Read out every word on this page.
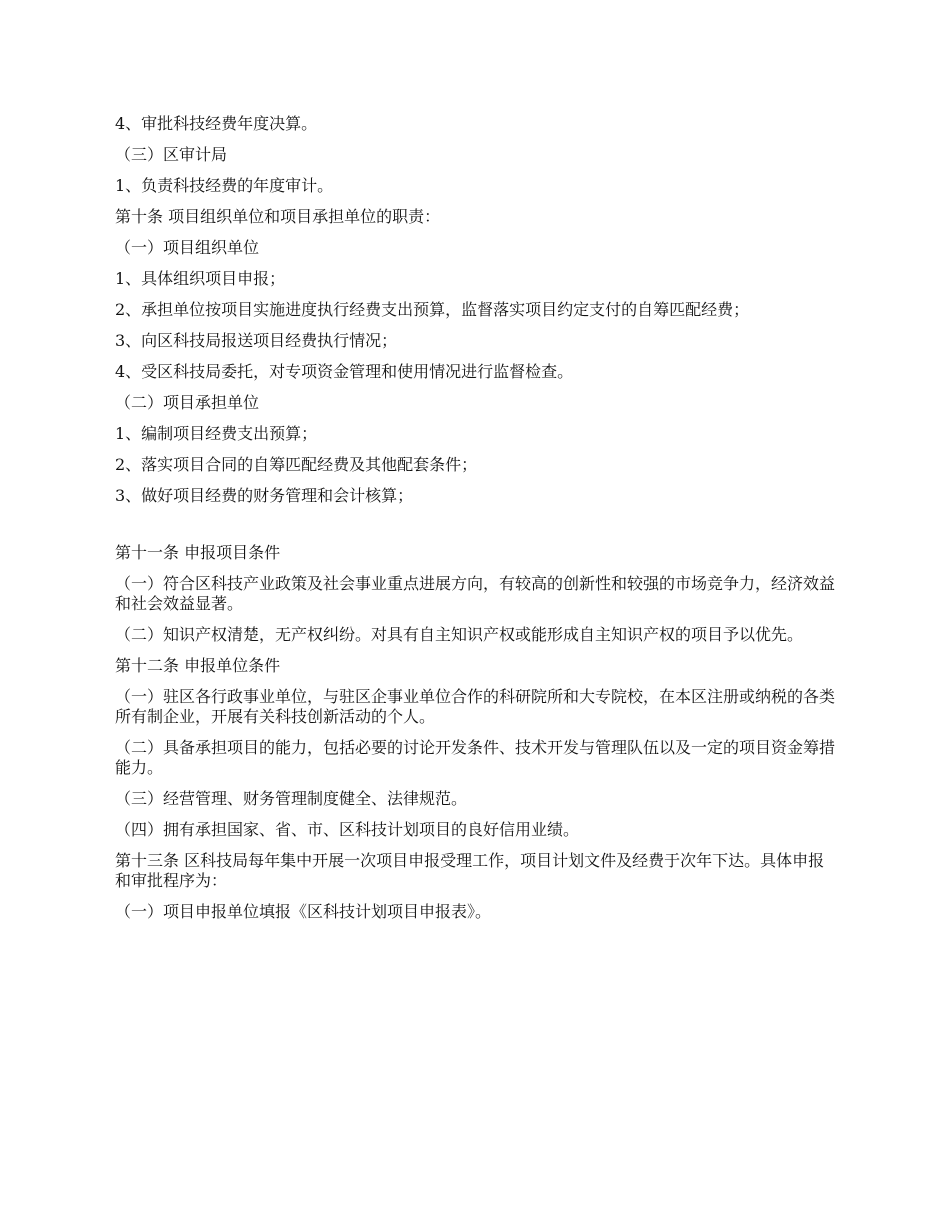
4、审批科技经费年度决算。

（三）区审计局

1、负责科技经费的年度审计。

第十条 项目组织单位和项目承担单位的职责：

（一）项目组织单位

1、具体组织项目申报；

2、承担单位按项目实施进度执行经费支出预算，监督落实项目约定支付的自筹匹配经费；

3、向区科技局报送项目经费执行情况；

4、受区科技局委托，对专项资金管理和使用情况进行监督检查。

（二）项目承担单位

1、编制项目经费支出预算；

2、落实项目合同的自筹匹配经费及其他配套条件；

3、做好项目经费的财务管理和会计核算；

第十一条 申报项目条件

（一）符合区科技产业政策及社会事业重点进展方向，有较高的创新性和较强的市场竞争力，经济效益和社会效益显著。

（二）知识产权清楚，无产权纠纷。对具有自主知识产权或能形成自主知识产权的项目予以优先。

第十二条 申报单位条件

（一）驻区各行政事业单位，与驻区企事业单位合作的科研院所和大专院校，在本区注册或纳税的各类所有制企业，开展有关科技创新活动的个人。

（二）具备承担项目的能力，包括必要的讨论开发条件、技术开发与管理队伍以及一定的项目资金筹措能力。

（三）经营管理、财务管理制度健全、法律规范。

（四）拥有承担国家、省、市、区科技计划项目的良好信用业绩。

第十三条 区科技局每年集中开展一次项目申报受理工作，项目计划文件及经费于次年下达。具体申报和审批程序为：

（一）项目申报单位填报《区科技计划项目申报表》。
